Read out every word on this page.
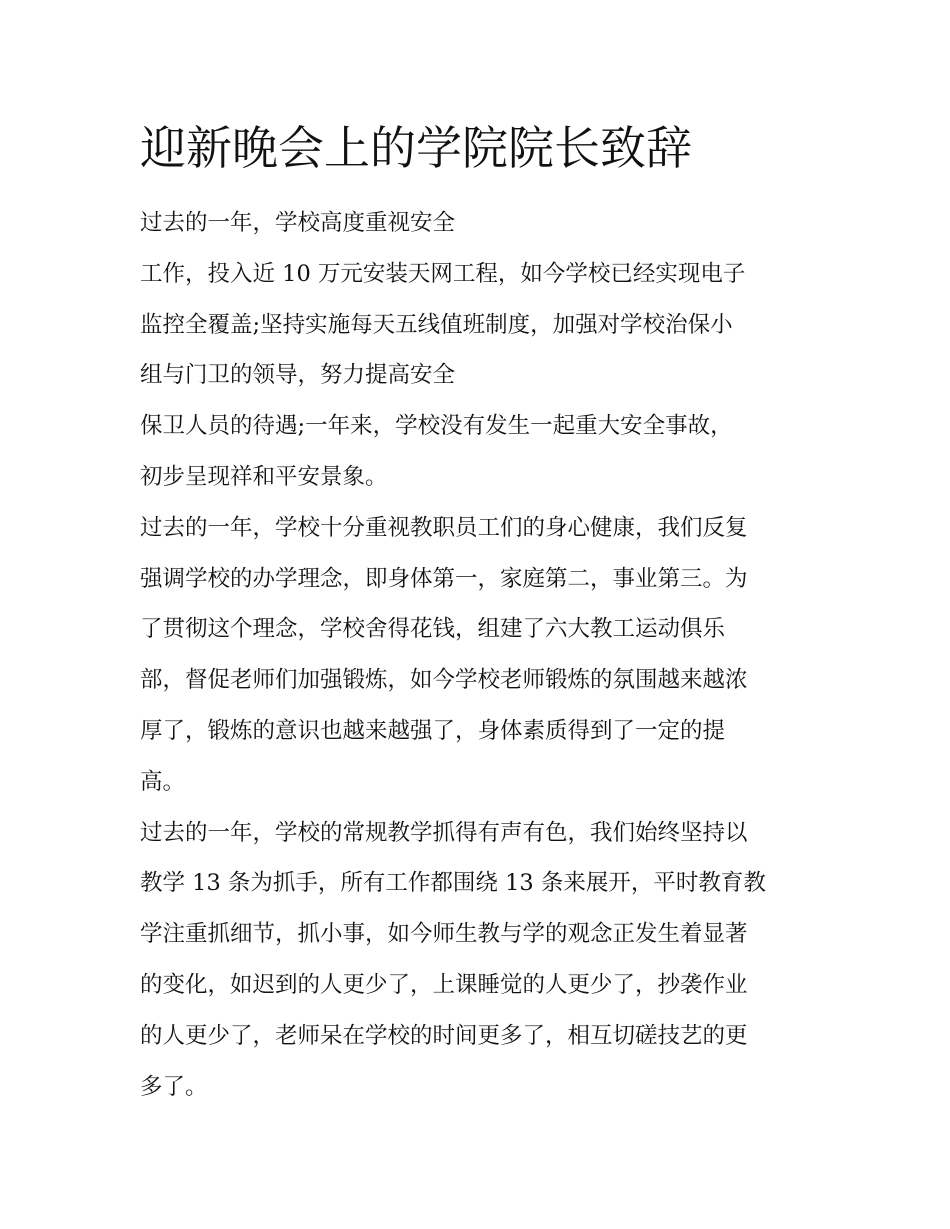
迎新晚会上的学院院长致辞

过去的一年，学校高度重视安全

工作，投入近 10 万元安装天网工程，如今学校已经实现电子

监控全覆盖;坚持实施每天五线值班制度，加强对学校治保小

组与门卫的领导，努力提高安全

保卫人员的待遇;一年来，学校没有发生一起重大安全事故，

初步呈现祥和平安景象。

过去的一年，学校十分重视教职员工们的身心健康，我们反复

强调学校的办学理念，即身体第一，家庭第二，事业第三。为

了贯彻这个理念，学校舍得花钱，组建了六大教工运动俱乐

部，督促老师们加强锻炼，如今学校老师锻炼的氛围越来越浓

厚了，锻炼的意识也越来越强了，身体素质得到了一定的提

高。

过去的一年，学校的常规教学抓得有声有色，我们始终坚持以

教学 13 条为抓手，所有工作都围绕 13 条来展开，平时教育教

学注重抓细节，抓小事，如今师生教与学的观念正发生着显著

的变化，如迟到的人更少了，上课睡觉的人更少了，抄袭作业

的人更少了，老师呆在学校的时间更多了，相互切磋技艺的更

多了。
